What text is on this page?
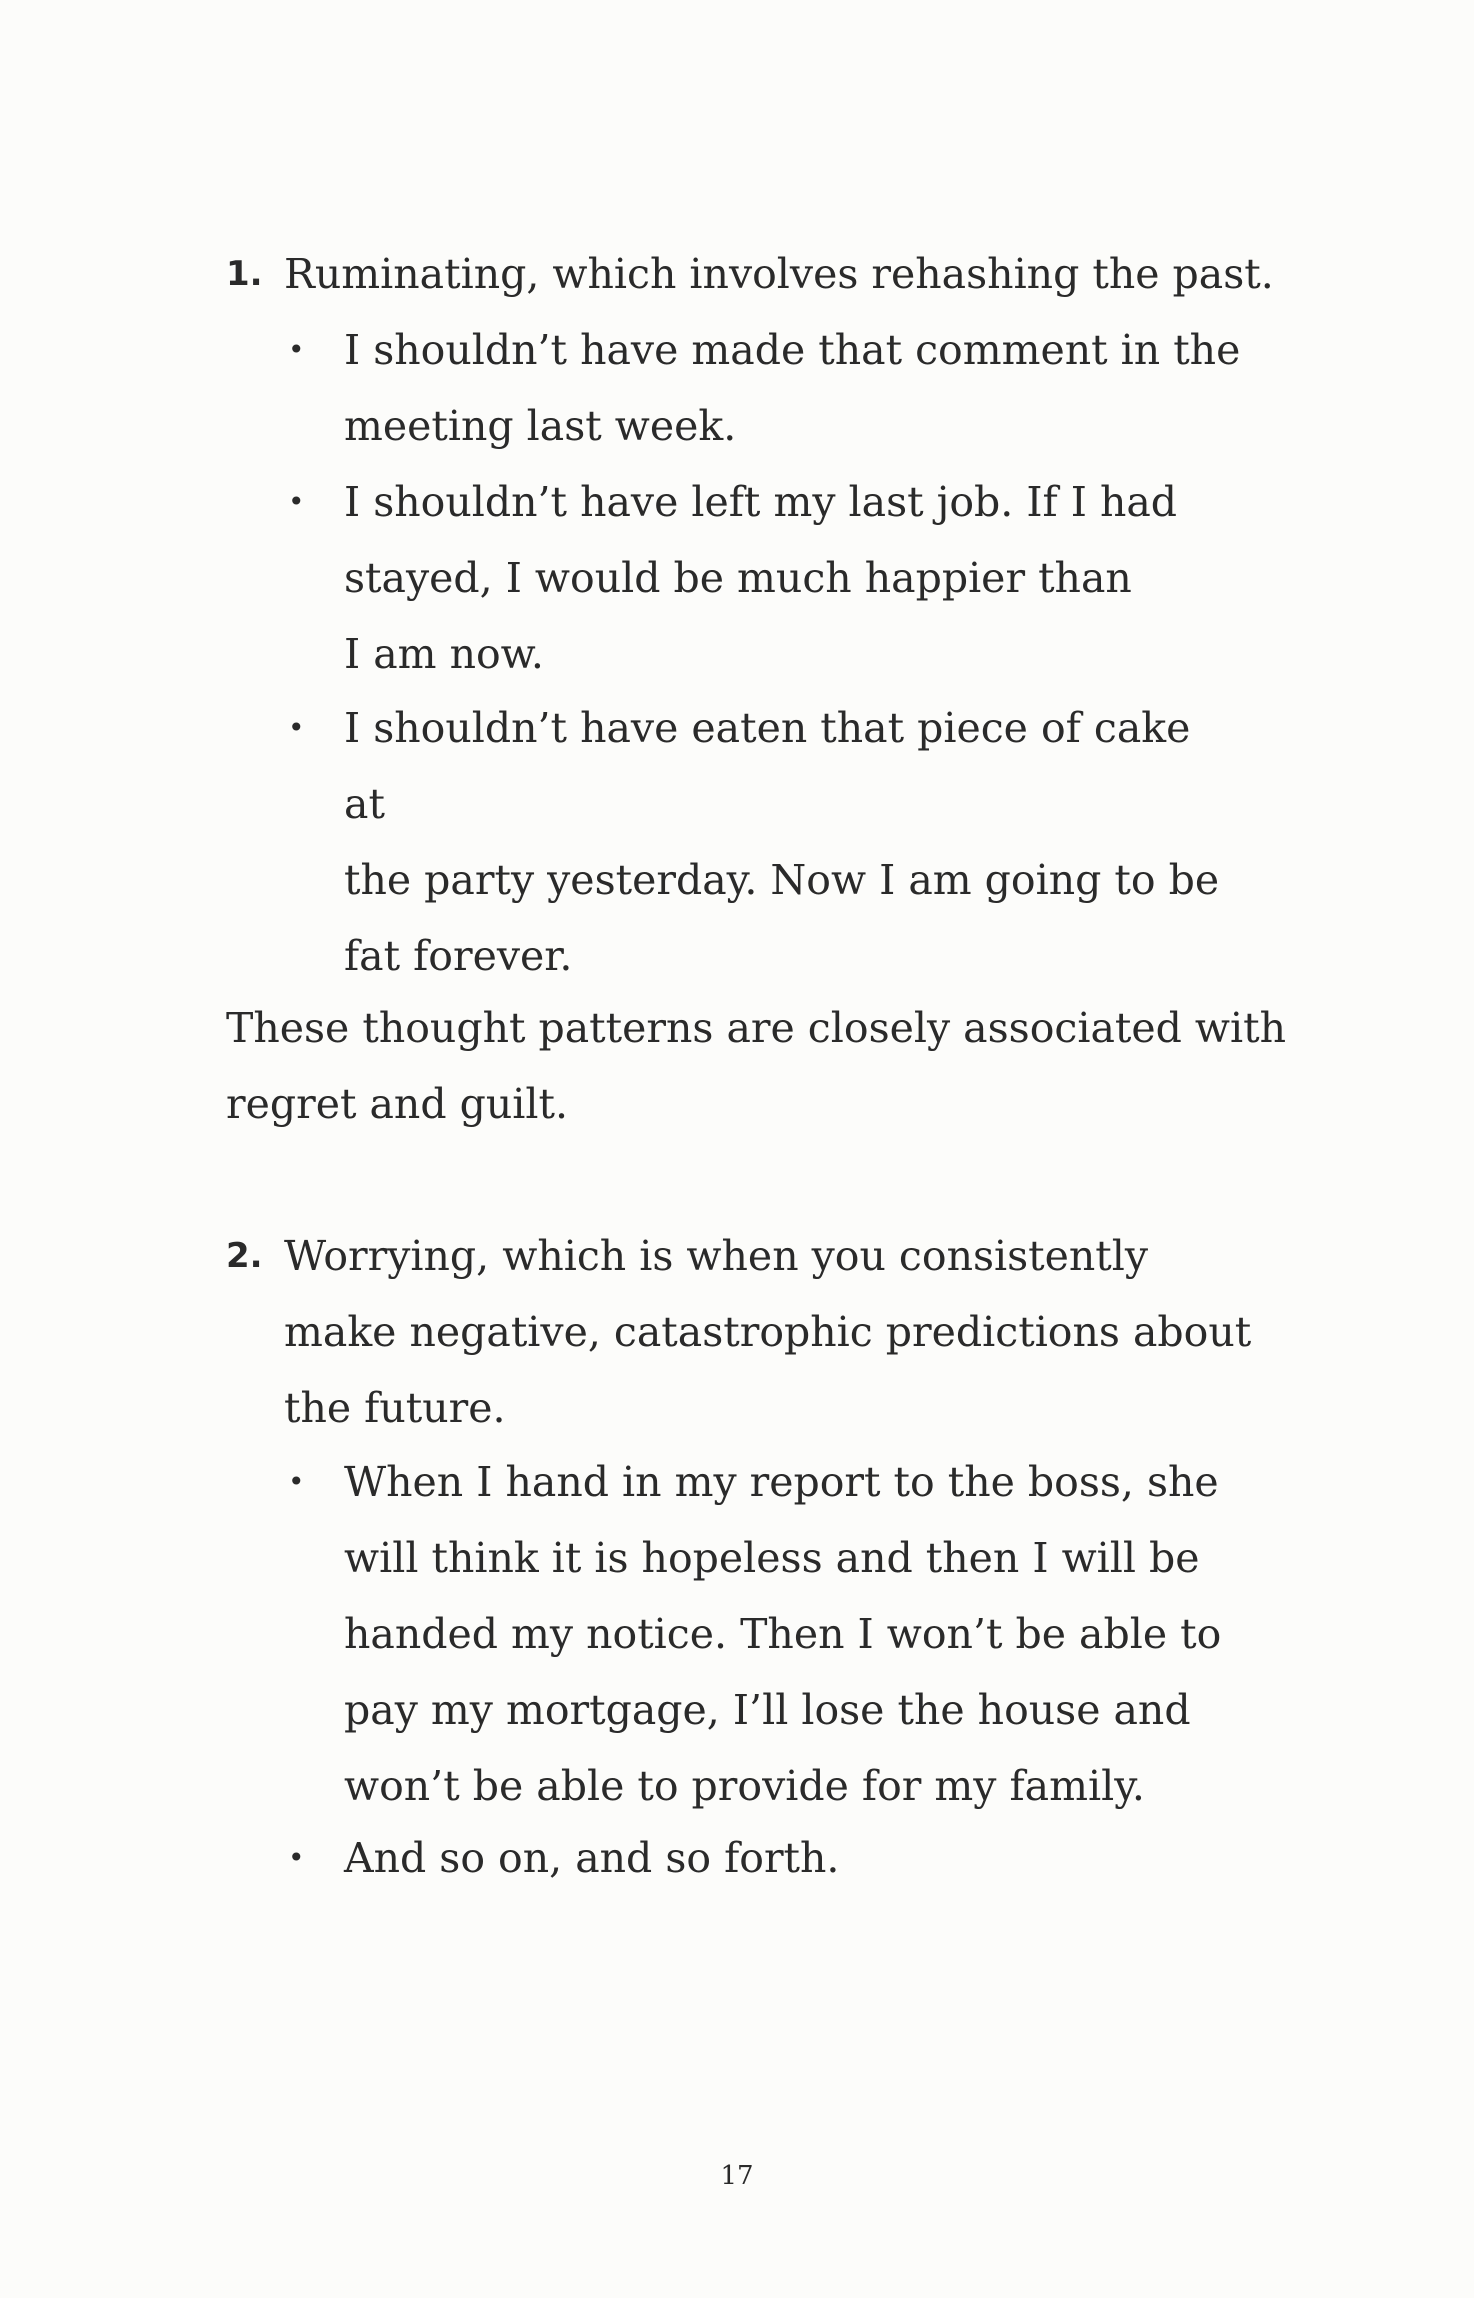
1. Ruminating, which involves rehashing the past.
• I shouldn’t have made that comment in the
meeting last week.
• I shouldn’t have left my last job. If I had
stayed, I would be much happier than
I am now.
• I shouldn’t have eaten that piece of cake at
the party yesterday. Now I am going to be
fat forever.
These thought patterns are closely associated with
regret and guilt.
2. Worrying, which is when you consistently
make negative, catastrophic predictions about
the future.
• When I hand in my report to the boss, she
will think it is hopeless and then I will be
handed my notice. Then I won’t be able to
pay my mortgage, I’ll lose the house and
won’t be able to provide for my family.
• And so on, and so forth.
17
